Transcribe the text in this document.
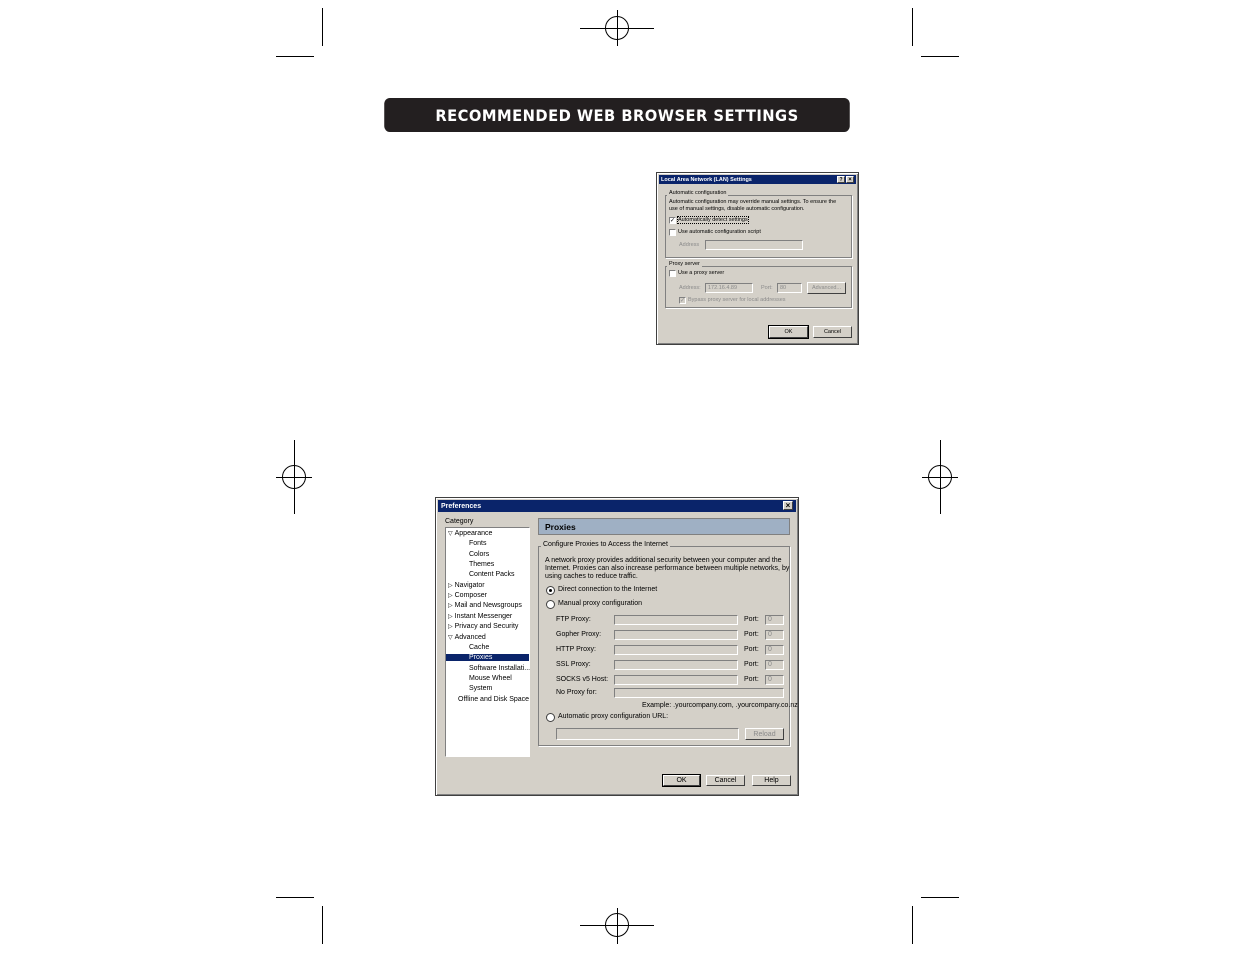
RECOMMENDED WEB BROWSER SETTINGS
Local Area Network (LAN) Settings	? ×
Automatic configuration
Automatic configuration may override manual settings. To ensure the
use of manual settings, disable automatic configuration.
✓ Automatically detect settings
Use automatic configuration script
Address
Proxy server
Use a proxy server
Address: 172.16.4.89	Port: 80	Advanced...
✓ Bypass proxy server for local addresses
OK	Cancel
Preferences	×
Category
Proxies
Configure Proxies to Access the Internet
A network proxy provides additional security between your computer and the
Internet. Proxies can also increase performance between multiple networks, by
using caches to reduce traffic.
Direct connection to the Internet
Manual proxy configuration
FTP Proxy:	Port: 0
Gopher Proxy:	Port: 0
HTTP Proxy:	Port: 0
SSL Proxy:	Port: 0
SOCKS v5 Host:	Port: 0
No Proxy for:
Example: .yourcompany.com, .yourcompany.co.nz
Automatic proxy configuration URL:
Reload
OK	Cancel	Help
▽ Appearance
Fonts
Colors
Themes
Content Packs
▷ Navigator
▷ Composer
▷ Mail and Newsgroups
▷ Instant Messenger
▷ Privacy and Security
▽ Advanced
Cache
Proxies
Software Installati...
Mouse Wheel
System
Offline and Disk Space
